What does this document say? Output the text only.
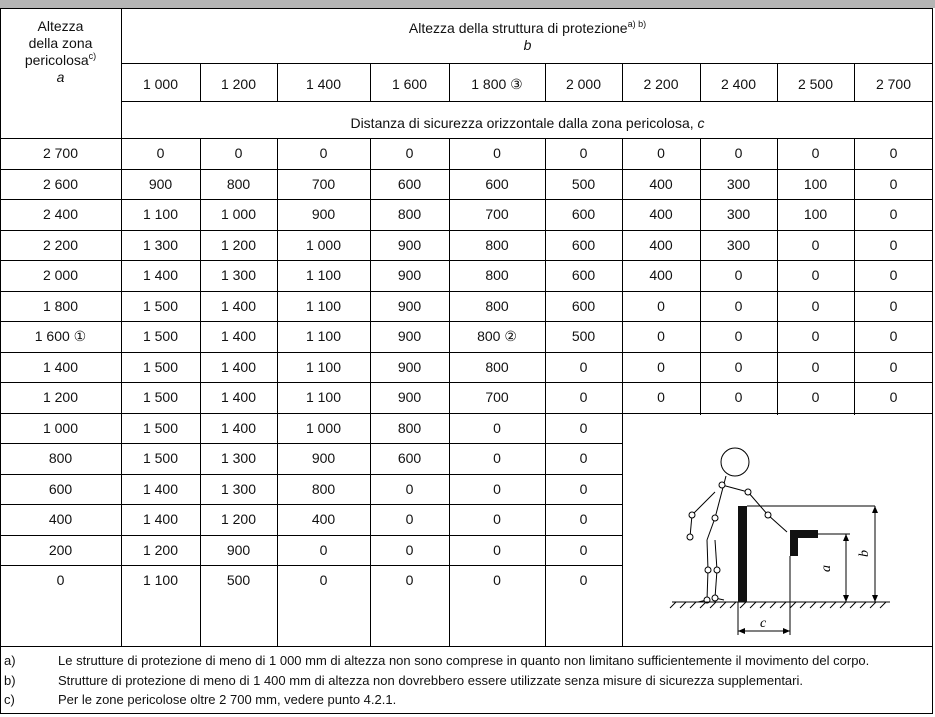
1 000	1 200	1 400	1 600	1 800 ③	2 000	2 200	2 400	2 500	2 700
2 700	0	0	0	0	0	0	0	0	0	0
2 600	900	800	700	600	600	500	400	300	100	0
2 400	1 100	1 000	900	800	700	600	400	300	100	0
2 200	1 300	1 200	1 000	900	800	600	400	300	0	0
2 000	1 400	1 300	1 100	900	800	600	400	0	0	0
1 800	1 500	1 400	1 100	900	800	600	0	0	0	0
1 600 ①	1 500	1 400	1 100	900	800 ②	500	0	0	0	0
1 400	1 500	1 400	1 100	900	800	0	0	0	0	0
1 200	1 500	1 400	1 100	900	700	0	0	0	0	0
1 000	1 500	1 400	1 000	800	0	0
800	1 500	1 300	900	600	0	0
600	1 400	1 300	800	0	0	0
400	1 400	1 200	400	0	0	0
200	1 200	900	0	0	0	0
0	1 100	500	0	0	0	0
Altezza
della zona
pericolosa$^{c)}$
a
Altezza della struttura di protezione$^{a) b)}$
b
Distanza di sicurezza orizzontale dalla zona pericolosa, c
a
b
c
a)	Le strutture di protezione di meno di 1 000 mm di altezza non sono comprese in quanto non limitano sufficientemente il movimento del corpo.
b)	Strutture di protezione di meno di 1 400 mm di altezza non dovrebbero essere utilizzate senza misure di sicurezza supplementari.
c)	Per le zone pericolose oltre 2 700 mm, vedere punto 4.2.1.
